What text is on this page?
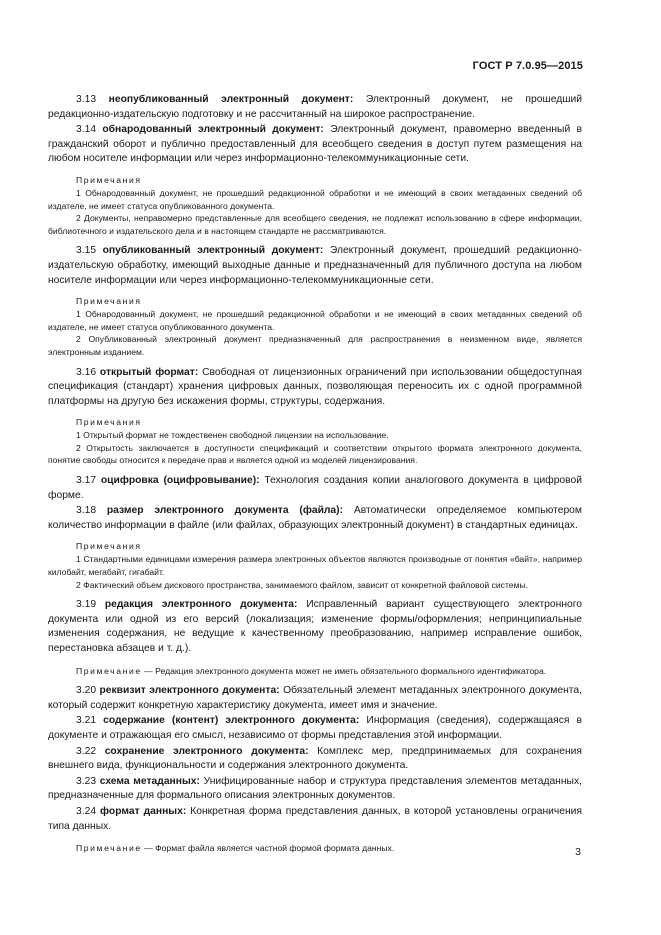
ГОСТ Р 7.0.95—2015

3.13 неопубликованный электронный документ: Электронный документ, не прошедший редакционно-издательскую подготовку и не рассчитанный на широкое распространение.

3.14 обнародованный электронный документ: Электронный документ, правомерно введенный в гражданский оборот и публично предоставленный для всеобщего сведения в доступ путем размещения на любом носителе информации или через информационно-телекоммуникационные сети.

Примечания

1 Обнародованный документ, не прошедший редакционной обработки и не имеющий в своих метаданных сведений об издателе, не имеет статуса опубликованного документа.

2 Документы, неправомерно представленные для всеобщего сведения, не подлежат использованию в сфере информации, библиотечного и издательского дела и в настоящем стандарте не рассматриваются.

3.15 опубликованный электронный документ: Электронный документ, прошедший редакционно-издательскую обработку, имеющий выходные данные и предназначенный для публичного доступа на любом носителе информации или через информационно-телекоммуникационные сети.

Примечания

1 Обнародованный документ, не прошедший редакционной обработки и не имеющий в своих метаданных сведений об издателе, не имеет статуса опубликованного документа.

2 Опубликованный электронный документ предназначенный для распространения в неизменном виде, является электронным изданием.

3.16 открытый формат: Свободная от лицензионных ограничений при использовании общедоступная спецификация (стандарт) хранения цифровых данных, позволяющая переносить их с одной программной платформы на другую без искажения формы, структуры, содержания.

Примечания

1 Открытый формат не тождественен свободной лицензии на использование.

2 Открытость заключается в доступности спецификаций и соответствии открытого формата электронного документа, понятие свободы относится к передаче прав и является одной из моделей лицензирования.

3.17 оцифровка (оцифровывание): Технология создания копии аналогового документа в цифровой форме.

3.18 размер электронного документа (файла): Автоматически определяемое компьютером количество информации в файле (или файлах, образующих электронный документ) в стандартных единицах.

Примечания

1 Стандартными единицами измерения размера электронных объектов являются производные от понятия «байт», например килобайт, мегабайт, гигабайт.

2 Фактический объем дискового пространства, занимаемого файлом, зависит от конкретной файловой системы.

3.19 редакция электронного документа: Исправленный вариант существующего электронного документа или одной из его версий (локализация; изменение формы/оформления; непринципиальные изменения содержания, не ведущие к качественному преобразованию, например исправление ошибок, перестановка абзацев и т. д.).

Примечание — Редакция электронного документа может не иметь обязательного формального идентификатора.

3.20 реквизит электронного документа: Обязательный элемент метаданных электронного документа, который содержит конкретную характеристику документа, имеет имя и значение.

3.21 содержание (контент) электронного документа: Информация (сведения), содержащаяся в документе и отражающая его смысл, независимо от формы представления этой информации.

3.22 сохранение электронного документа: Комплекс мер, предпринимаемых для сохранения внешнего вида, функциональности и содержания электронного документа.

3.23 схема метаданных: Унифицированные набор и структура представления элементов метаданных, предназначенные для формального описания электронных документов.

3.24 формат данных: Конкретная форма представления данных, в которой установлены ограничения типа данных.

Примечание — Формат файла является частной формой формата данных.	3
